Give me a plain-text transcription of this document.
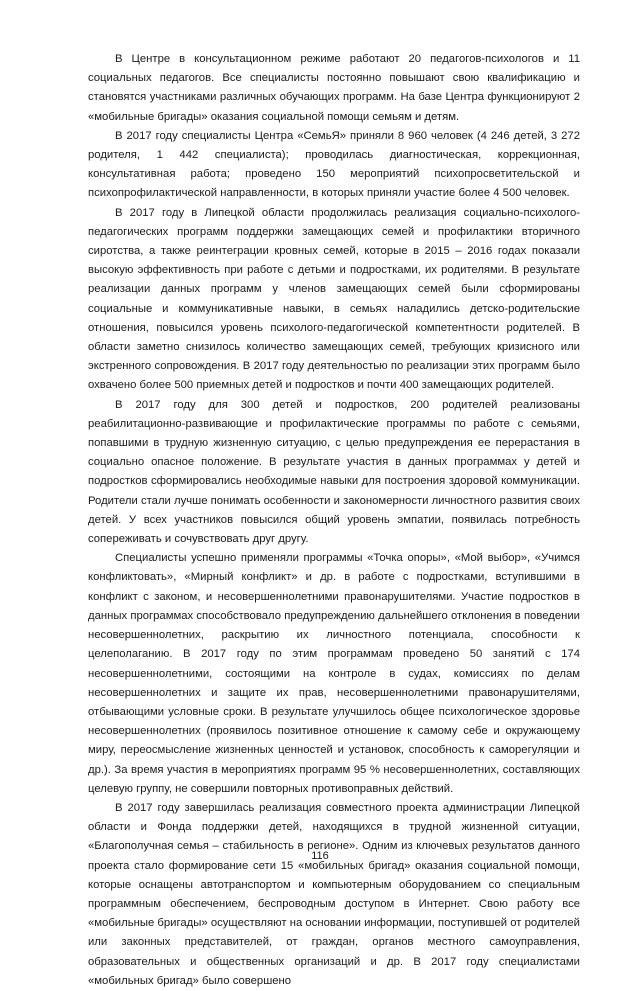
В Центре в консультационном режиме работают 20 педагогов-психологов и 11 социальных педагогов. Все специалисты постоянно повышают свою квалификацию и становятся участниками различных обучающих программ. На базе Центра функционируют 2 «мобильные бригады» оказания социальной помощи семьям и детям.

В 2017 году специалисты Центра «СемьЯ» приняли 8 960 человек (4 246 детей, 3 272 родителя, 1 442 специалиста); проводилась диагностическая, коррекционная, консультативная работа; проведено 150 мероприятий психопросветительской и психопрофилактической направленности, в которых приняли участие более 4 500 человек.

В 2017 году в Липецкой области продолжилась реализация социально-психолого-педагогических программ поддержки замещающих семей и профилактики вторичного сиротства, а также реинтеграции кровных семей, которые в 2015 – 2016 годах показали высокую эффективность при работе с детьми и подростками, их родителями. В результате реализации данных программ у членов замещающих семей были сформированы социальные и коммуникативные навыки, в семьях наладились детско-родительские отношения, повысился уровень психолого-педагогической компетентности родителей. В области заметно снизилось количество замещающих семей, требующих кризисного или экстренного сопровождения. В 2017 году деятельностью по реализации этих программ было охвачено более 500 приемных детей и подростков и почти 400 замещающих родителей.

В 2017 году для 300 детей и подростков, 200 родителей реализованы реабилитационно-развивающие и профилактические программы по работе с семьями, попавшими в трудную жизненную ситуацию, с целью предупреждения ее перерастания в социально опасное положение. В результате участия в данных программах у детей и подростков сформировались необходимые навыки для построения здоровой коммуникации. Родители стали лучше понимать особенности и закономерности личностного развития своих детей. У всех участников повысился общий уровень эмпатии, появилась потребность сопереживать и сочувствовать друг другу.

Специалисты успешно применяли программы «Точка опоры», «Мой выбор», «Учимся конфликтовать», «Мирный конфликт» и др. в работе с подростками, вступившими в конфликт с законом, и несовершеннолетними правонарушителями. Участие подростков в данных программах способствовало предупреждению дальнейшего отклонения в поведении несовершеннолетних, раскрытию их личностного потенциала, способности к целеполаганию. В 2017 году по этим программам проведено 50 занятий с 174 несовершеннолетними, состоящими на контроле в судах, комиссиях по делам несовершеннолетних и защите их прав, несовершеннолетними правонарушителями, отбывающими условные сроки. В результате улучшилось общее психологическое здоровье несовершеннолетних (проявилось позитивное отношение к самому себе и окружающему миру, переосмысление жизненных ценностей и установок, способность к саморегуляции и др.). За время участия в мероприятиях программ 95 % несовершеннолетних, составляющих целевую группу, не совершили повторных противоправных действий.

В 2017 году завершилась реализация совместного проекта администрации Липецкой области и Фонда поддержки детей, находящихся в трудной жизненной ситуации, «Благополучная семья – стабильность в регионе». Одним из ключевых результатов данного проекта стало формирование сети 15 «мобильных бригад» оказания социальной помощи, которые оснащены автотранспортом и компьютерным оборудованием со специальным программным обеспечением, беспроводным доступом в Интернет. Свою работу все «мобильные бригады» осуществляют на основании информации, поступившей от родителей или законных представителей, от граждан, органов местного самоуправления, образовательных и общественных организаций и др. В 2017 году специалистами «мобильных бригад» было совершено

116
